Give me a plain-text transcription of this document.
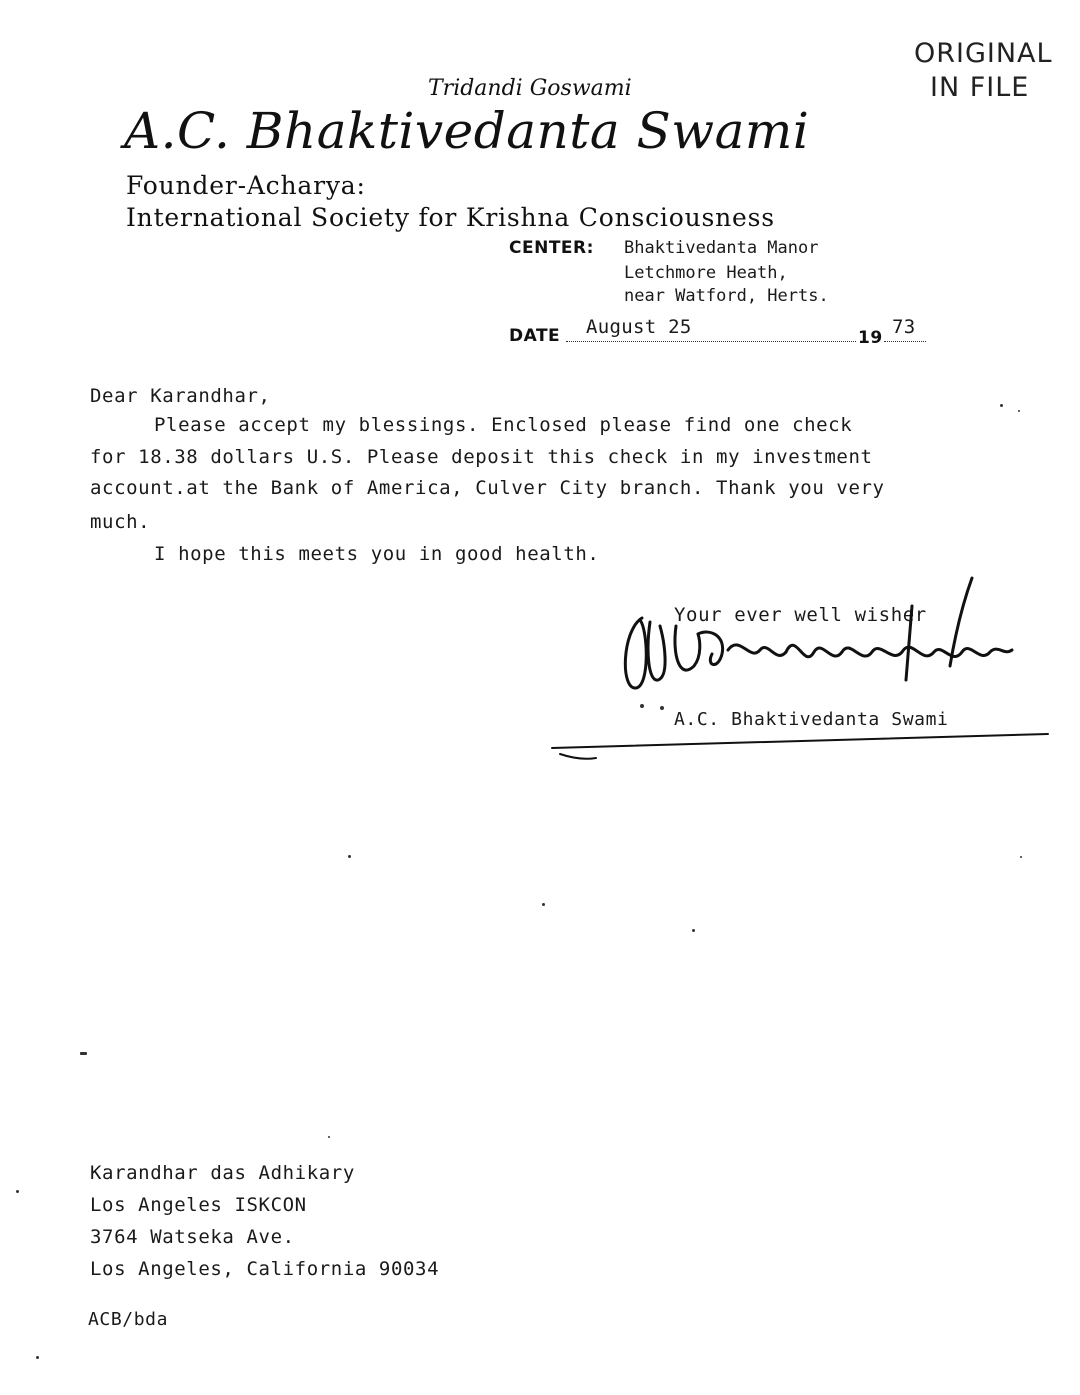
ORIGINAL
IN FILE
Tridandi Goswami
A.C. Bhaktivedanta Swami
Founder-Acharya:
International Society for Krishna Consciousness
CENTER: Bhaktivedanta Manor
Letchmore Heath,
near Watford, Herts.
DATE August 25	19 73
Dear Karandhar,
Please accept my blessings. Enclosed please find one check
for 18.38 dollars U.S. Please deposit this check in my investment
account.at the Bank of America, Culver City branch. Thank you very
much.
I hope this meets you in good health.
Your ever well wisher
A.C. Bhaktivedanta Swami
Karandhar das Adhikary
Los Angeles ISKCON
3764 Watseka Ave.
Los Angeles, California 90034
ACB/bda
